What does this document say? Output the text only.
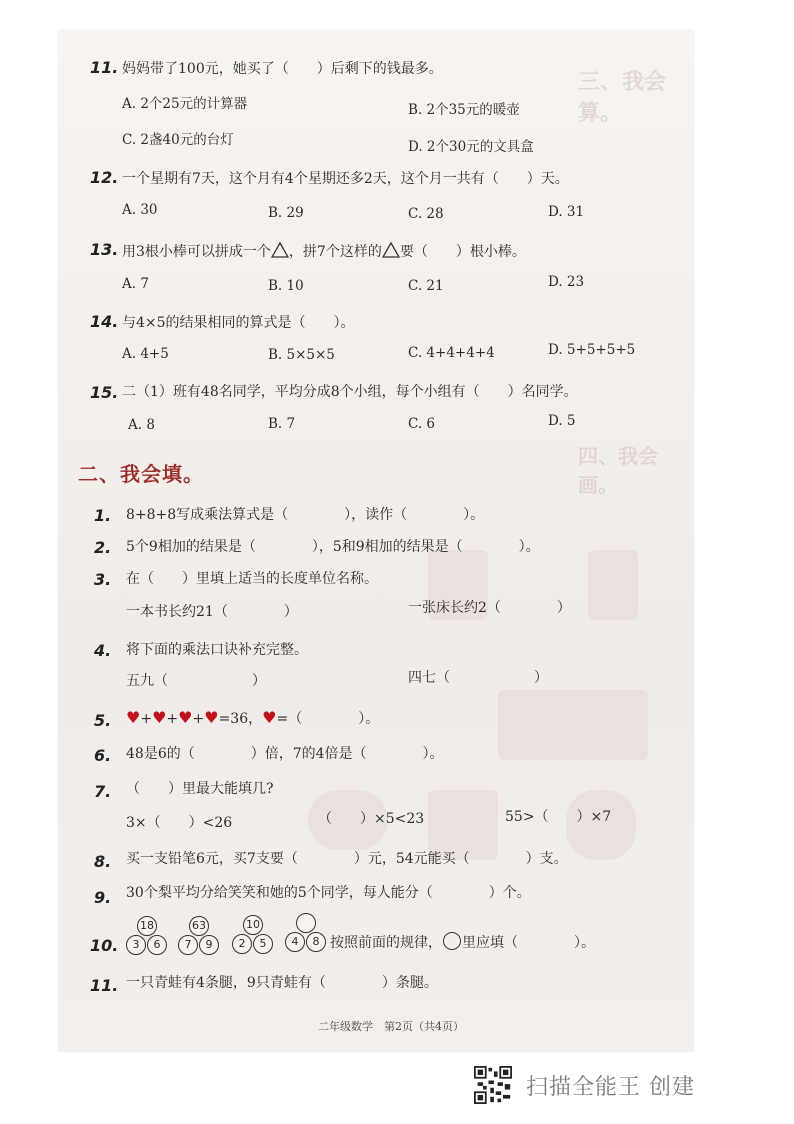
三、我会算。
四、我会画。
11. 妈妈带了100元，她买了（　　）后剩下的钱最多。
A. 2个25元的计算器	B. 2个35元的暖壶
C. 2盏40元的台灯	D. 2个30元的文具盒
12. 一个星期有7天，这个月有4个星期还多2天，这个月一共有（　　）天。
A. 30	B. 29	C. 28	D. 31
13. 用3根小棒可以拼成一个 ，拼7个这样的 要（　　）根小棒。
A. 7	B. 10	C. 21	D. 23
14. 与4×5的结果相同的算式是（　　）。
A. 4+5	B. 5×5×5	C. 4+4+4+4	D. 5+5+5+5
15. 二（1）班有48名同学，平均分成8个小组，每个小组有（　　）名同学。
A. 8	B. 7	C. 6	D. 5
二、我会填。
1. 8+8+8写成乘法算式是（　　　　），读作（　　　　）。
2. 5个9相加的结果是（　　　　），5和9相加的结果是（　　　　）。
3. 在（　　）里填上适当的长度单位名称。
一本书长约21（　　　　）	一张床长约2（　　　　）
4. 将下面的乘法口诀补充完整。
五九（　　　　　　）	四七（　　　　　　）
5. ♥+♥+♥+♥=36，♥=（　　　　）。
6. 48是6的（　　　　）倍，7的4倍是（　　　　）。
7. （　　）里最大能填几?
3×（　　）<26	（　　）×5<23	55>（　　）×7
8. 买一支铅笔6元，买7支要（　　　　）元，54元能买（　　　　）支。
9. 30个梨平均分给笑笑和她的5个同学，每人能分（　　　　）个。
10.
18
3	6
63
7	9
10
2	5	4	8 按照前面的规律， 里应填（　　　　）。
11. 一只青蛙有4条腿，9只青蛙有（　　　　）条腿。
二年级数学　第2页（共4页）
扫描全能王 创建
